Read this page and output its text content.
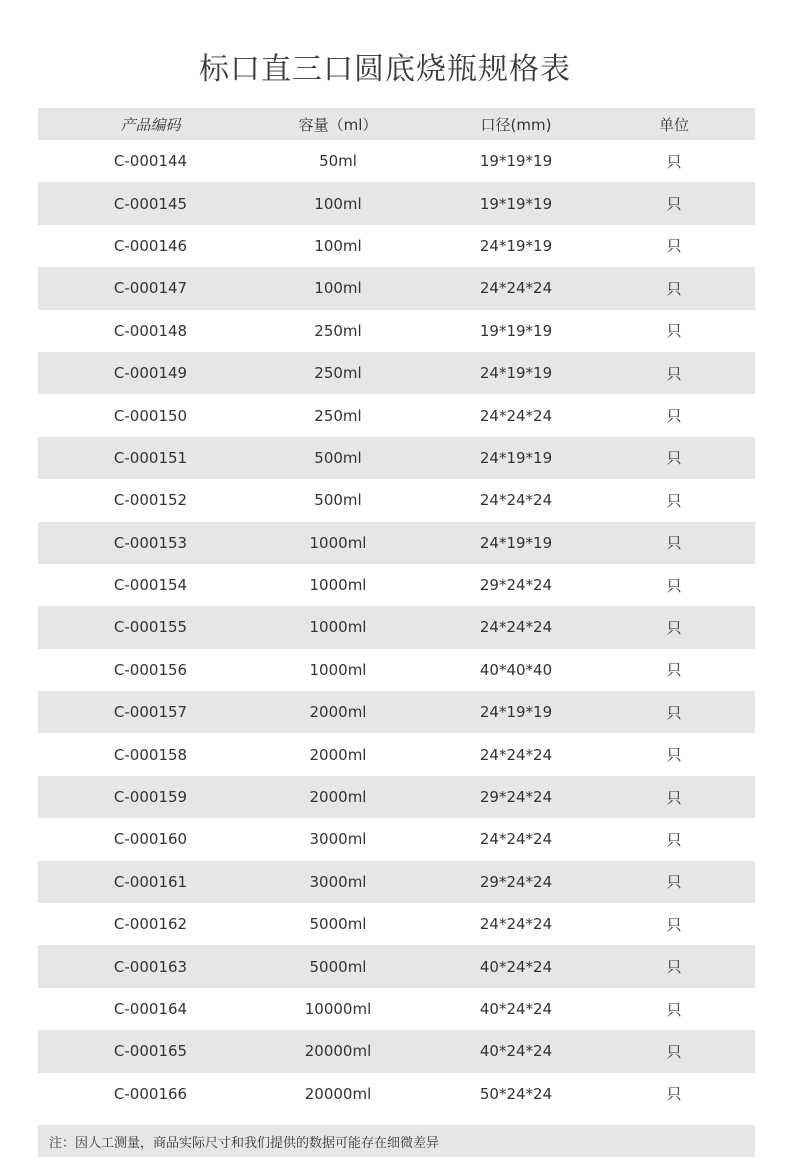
标口直三口圆底烧瓶规格表
产品编码	容量（ml）	口径(mm)	单位
C-000144	50ml	19*19*19	只
C-000145	100ml	19*19*19	只
C-000146	100ml	24*19*19	只
C-000147	100ml	24*24*24	只
C-000148	250ml	19*19*19	只
C-000149	250ml	24*19*19	只
C-000150	250ml	24*24*24	只
C-000151	500ml	24*19*19	只
C-000152	500ml	24*24*24	只
C-000153	1000ml	24*19*19	只
C-000154	1000ml	29*24*24	只
C-000155	1000ml	24*24*24	只
C-000156	1000ml	40*40*40	只
C-000157	2000ml	24*19*19	只
C-000158	2000ml	24*24*24	只
C-000159	2000ml	29*24*24	只
C-000160	3000ml	24*24*24	只
C-000161	3000ml	29*24*24	只
C-000162	5000ml	24*24*24	只
C-000163	5000ml	40*24*24	只
C-000164	10000ml	40*24*24	只
C-000165	20000ml	40*24*24	只
C-000166	20000ml	50*24*24	只
注：因人工测量，商品实际尺寸和我们提供的数据可能存在细微差异
